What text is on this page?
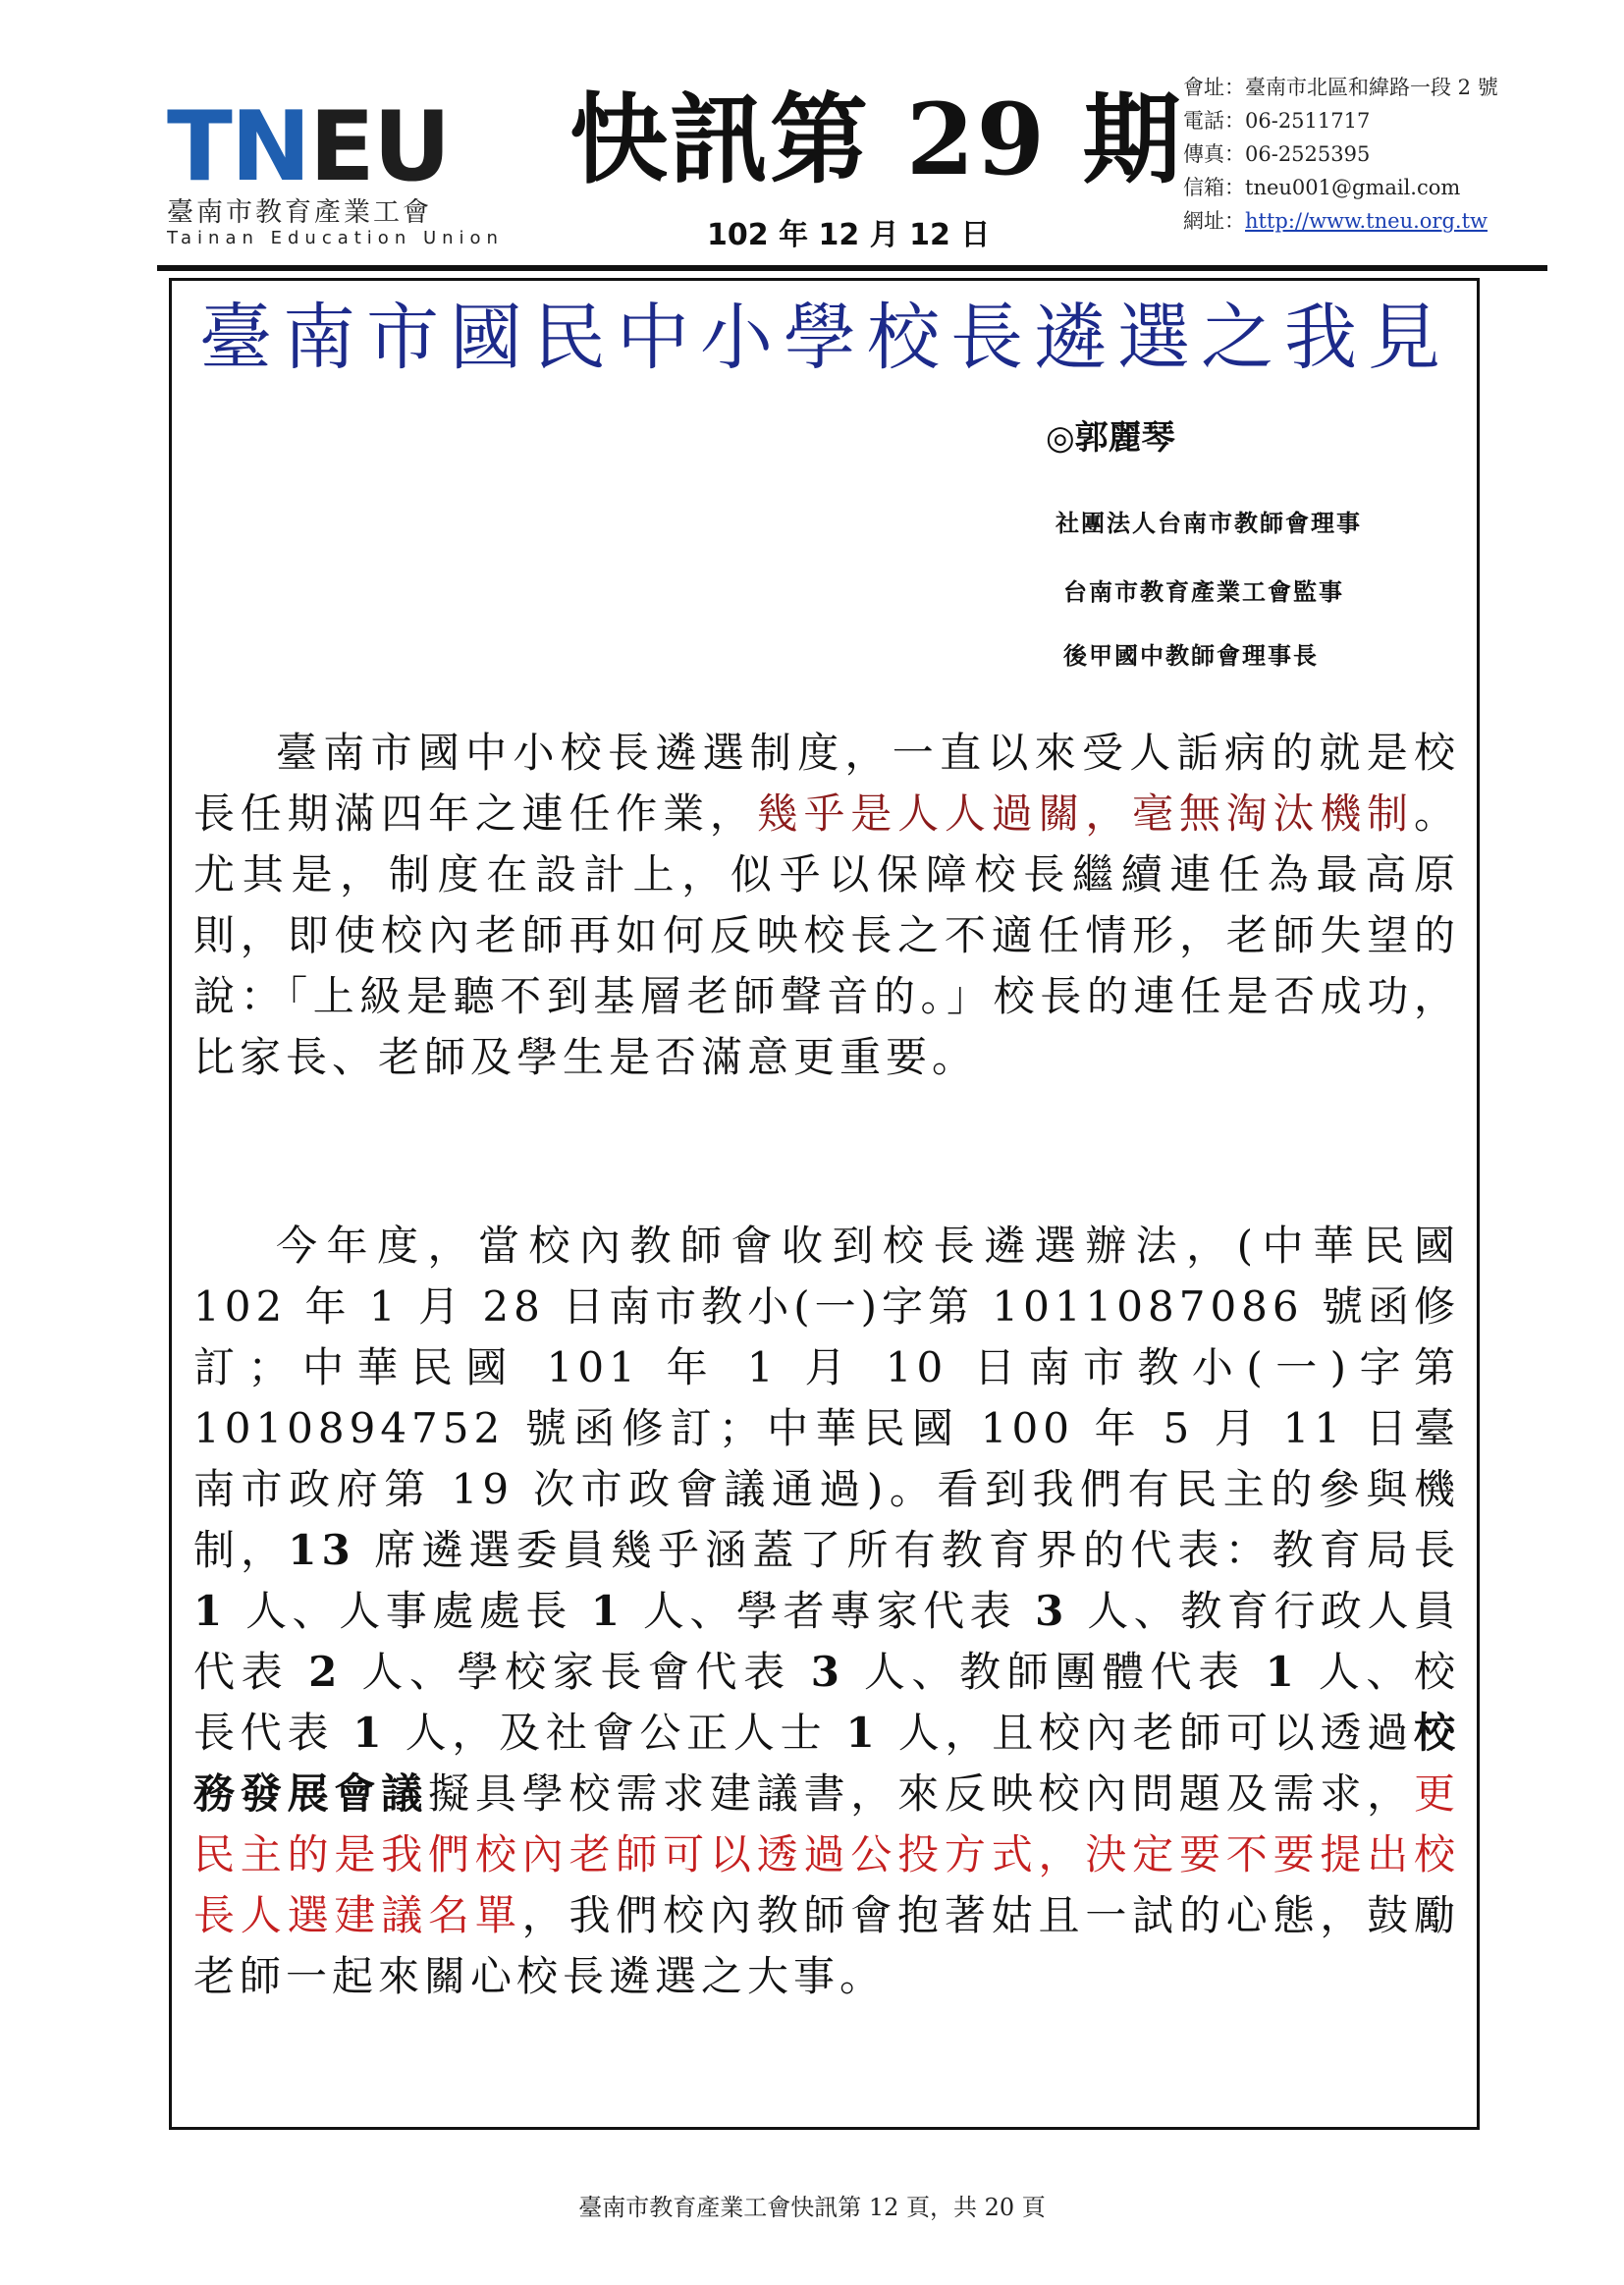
TNEU
臺南市教育產業工會
Tainan Education Union
快訊第 29 期
102 年 12 月 12 日
會址：臺南市北區和緯路一段 2 號
電話：06-2511717
傳真：06-2525395
信箱：tneu001@gmail.com
網址：http://www.tneu.org.tw
臺南市國民中小學校長遴選之我見
◎郭麗琴
社團法人台南市教師會理事
台南市教育產業工會監事
後甲國中教師會理事長

臺南市國中小校長遴選制度，一直以來受人詬病的就是校長任期滿四年之連任作業，幾乎是人人過關，毫無淘汰機制。尤其是，制度在設計上，似乎以保障校長繼續連任為最高原則，即使校內老師再如何反映校長之不適任情形，老師失望的說：「上級是聽不到基層老師聲音的。」校長的連任是否成功，比家長、老師及學生是否滿意更重要。

今年度，當校內教師會收到校長遴選辦法，(中華民國 102 年 1 月 28 日南市教小(一)字第 1011087086 號函修訂；中華民國 101 年 1 月 10 日南市教小(一)字第 1010894752 號函修訂；中華民國 100 年 5 月 11 日臺南市政府第 19 次市政會議通過)。看到我們有民主的參與機制，13 席遴選委員幾乎涵蓋了所有教育界的代表：教育局長 1 人、人事處處長 1 人、學者專家代表 3 人、教育行政人員代表 2 人、學校家長會代表 3 人、教師團體代表 1 人、校長代表 1 人，及社會公正人士 1 人，且校內老師可以透過校務發展會議擬具學校需求建議書，來反映校內問題及需求，更民主的是我們校內老師可以透過公投方式，決定要不要提出校長人選建議名單，我們校內教師會抱著姑且一試的心態，鼓勵老師一起來關心校長遴選之大事。

臺南市教育產業工會快訊第 12 頁，共 20 頁
